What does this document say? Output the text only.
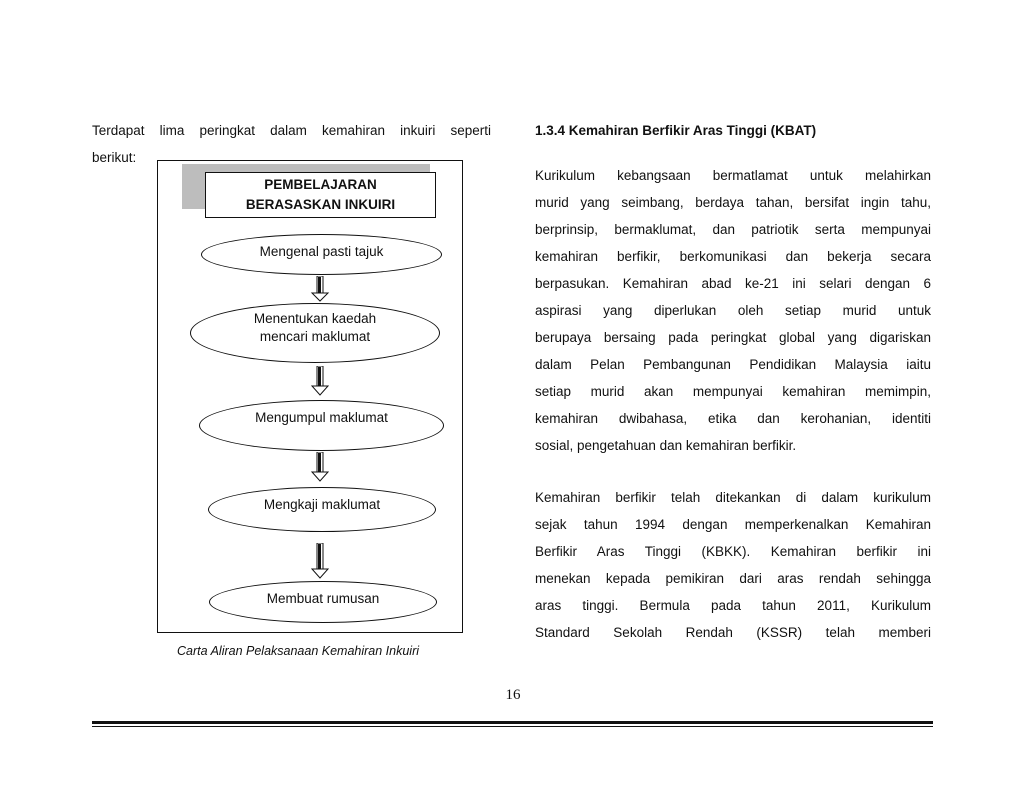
Terdapat lima peringkat dalam kemahiran inkuiri seperti
berikut:
PEMBELAJARAN
BERASASKAN INKUIRI
Mengenal pasti tajuk
Menentukan kaedah
mencari maklumat
Mengumpul maklumat
Mengkaji maklumat
Membuat rumusan
Carta Aliran Pelaksanaan Kemahiran Inkuiri
1.3.4 Kemahiran Berfikir Aras Tinggi (KBAT)
Kurikulum kebangsaan bermatlamat untuk melahirkan
murid yang seimbang, berdaya tahan, bersifat ingin tahu,
berprinsip, bermaklumat, dan patriotik serta mempunyai
kemahiran berfikir, berkomunikasi dan bekerja secara
berpasukan. Kemahiran abad ke-21 ini selari dengan 6
aspirasi yang diperlukan oleh setiap murid untuk
berupaya bersaing pada peringkat global yang digariskan
dalam Pelan Pembangunan Pendidikan Malaysia iaitu
setiap murid akan mempunyai kemahiran memimpin,
kemahiran dwibahasa, etika dan kerohanian, identiti
sosial, pengetahuan dan kemahiran berfikir.
Kemahiran berfikir telah ditekankan di dalam kurikulum
sejak tahun 1994 dengan memperkenalkan Kemahiran
Berfikir Aras Tinggi (KBKK). Kemahiran berfikir ini
menekan kepada pemikiran dari aras rendah sehingga
aras tinggi. Bermula pada tahun 2011, Kurikulum
Standard Sekolah Rendah (KSSR) telah memberi
16
